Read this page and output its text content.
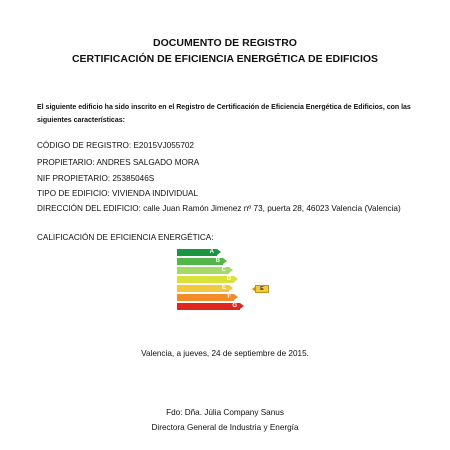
DOCUMENTO DE REGISTRO
CERTIFICACIÓN DE EFICIENCIA ENERGÉTICA DE EDIFICIOS
El siguiente edificio ha sido inscrito en el Registro de Certificación de Eficiencia Energética de Edificios, con las siguientes características:
CÓDIGO DE REGISTRO: E2015VJ055702
PROPIETARIO: ANDRES SALGADO MORA
NIF PROPIETARIO: 25385046S
TIPO DE EDIFICIO: VIVIENDA INDIVIDUAL
DIRECCIÓN DEL EDIFICIO: calle Juan Ramón Jimenez nº 73, puerta 28, 46023 Valencia (Valencia)
CALIFICACIÓN DE EFICIENCIA ENERGÉTICA:
A
B
C
D
E
F
G
E
Valencia, a jueves, 24 de septiembre de 2015.
Fdo: Dña. Júlia Company Sanus
Directora General de Industria y Energía
